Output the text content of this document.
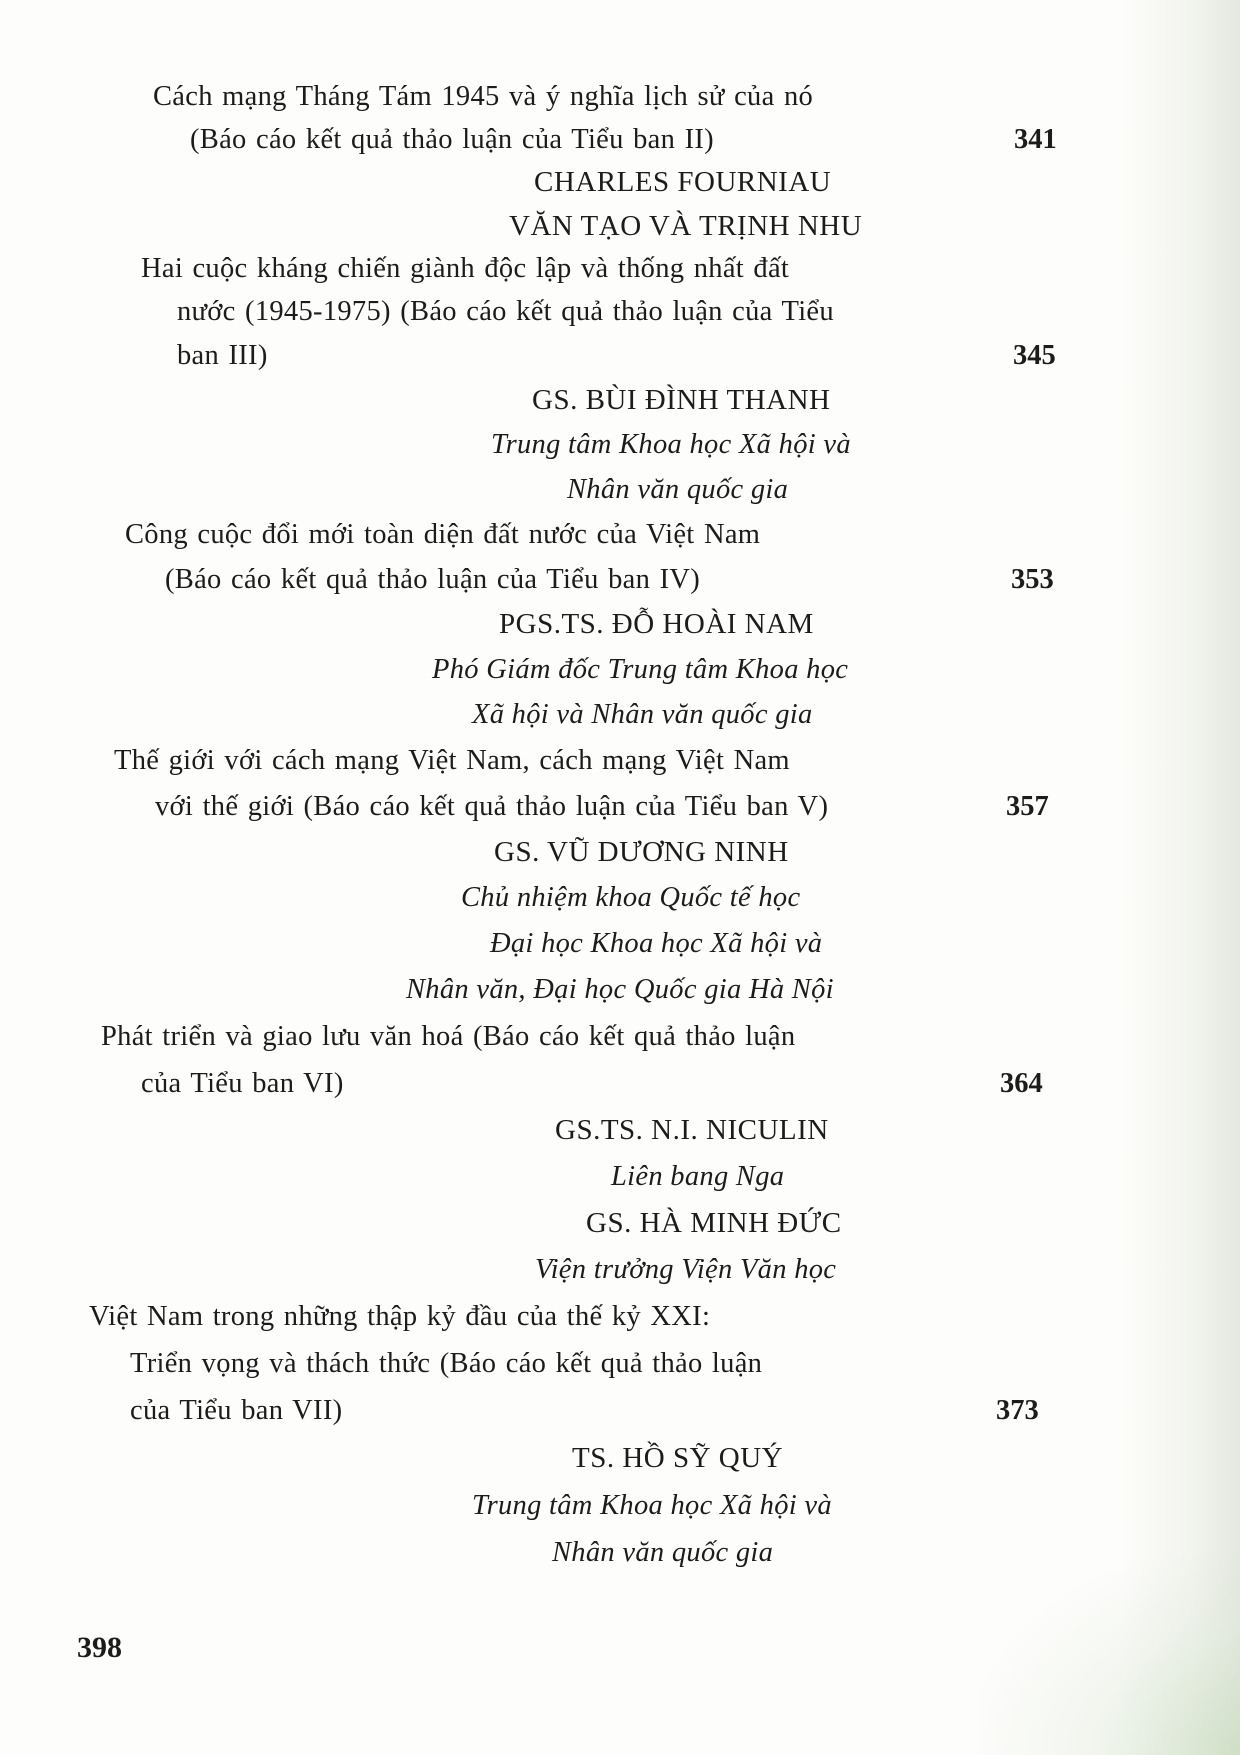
Cách mạng Tháng Tám 1945 và ý nghĩa lịch sử của nó
(Báo cáo kết quả thảo luận của Tiểu ban II)	341
CHARLES FOURNIAU
VĂN TẠO VÀ TRỊNH NHU
Hai cuộc kháng chiến giành độc lập và thống nhất đất
nước (1945-1975) (Báo cáo kết quả thảo luận của Tiểu
ban III)	345
GS. BÙI ĐÌNH THANH
Trung tâm Khoa học Xã hội và
Nhân văn quốc gia
Công cuộc đổi mới toàn diện đất nước của Việt Nam
(Báo cáo kết quả thảo luận của Tiểu ban IV)	353
PGS.TS. ĐỖ HOÀI NAM
Phó Giám đốc Trung tâm Khoa học
Xã hội và Nhân văn quốc gia
Thế giới với cách mạng Việt Nam, cách mạng Việt Nam
với thế giới (Báo cáo kết quả thảo luận của Tiểu ban V)	357
GS. VŨ DƯƠNG NINH
Chủ nhiệm khoa Quốc tế học
Đại học Khoa học Xã hội và
Nhân văn, Đại học Quốc gia Hà Nội
Phát triển và giao lưu văn hoá (Báo cáo kết quả thảo luận
của Tiểu ban VI)	364
GS.TS. N.I. NICULIN
Liên bang Nga
GS. HÀ MINH ĐỨC
Viện trưởng Viện Văn học
Việt Nam trong những thập kỷ đầu của thế kỷ XXI:
Triển vọng và thách thức (Báo cáo kết quả thảo luận
của Tiểu ban VII)	373
TS. HỒ SỸ QUÝ
Trung tâm Khoa học Xã hội và
Nhân văn quốc gia
398
